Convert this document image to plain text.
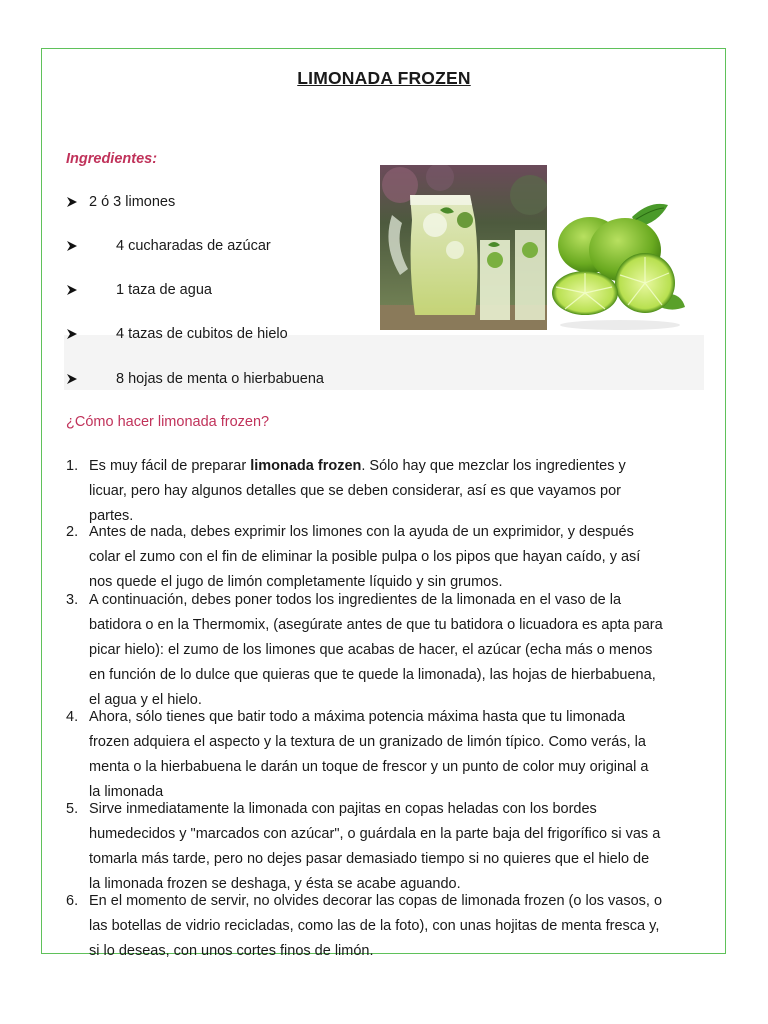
LIMONADA FROZEN
Ingredientes:
2 ó 3 limones
4 cucharadas de azúcar
1 taza de agua
4 tazas de cubitos de hielo
8 hojas de menta o hierbabuena
¿Cómo hacer limonada frozen?
1. Es muy fácil de preparar limonada frozen. Sólo hay que mezclar los ingredientes y
licuar, pero hay algunos detalles que se deben considerar, así es que vayamos por
partes.
2. Antes de nada, debes exprimir los limones con la ayuda de un exprimidor, y después
colar el zumo con el fin de eliminar la posible pulpa o los pipos que hayan caído, y así
nos quede el jugo de limón completamente líquido y sin grumos.
3. A continuación, debes poner todos los ingredientes de la limonada en el vaso de la
batidora o en la Thermomix, (asegúrate antes de que tu batidora o licuadora es apta para
picar hielo): el zumo de los limones que acabas de hacer, el azúcar (echa más o menos
en función de lo dulce que quieras que te quede la limonada), las hojas de hierbabuena,
el agua y el hielo.
4. Ahora, sólo tienes que batir todo a máxima potencia máxima hasta que tu limonada
frozen adquiera el aspecto y la textura de un granizado de limón típico. Como verás, la
menta o la hierbabuena le darán un toque de frescor y un punto de color muy original a
la limonada
5. Sirve inmediatamente la limonada con pajitas en copas heladas con los bordes
humedecidos y "marcados con azúcar", o guárdala en la parte baja del frigorífico si vas a
tomarla más tarde, pero no dejes pasar demasiado tiempo si no quieres que el hielo de
la limonada frozen se deshaga, y ésta se acabe aguando.
6. En el momento de servir, no olvides decorar las copas de limonada frozen (o los vasos, o
las botellas de vidrio recicladas, como las de la foto), con unas hojitas de menta fresca y,
si lo deseas, con unos cortes finos de limón.
